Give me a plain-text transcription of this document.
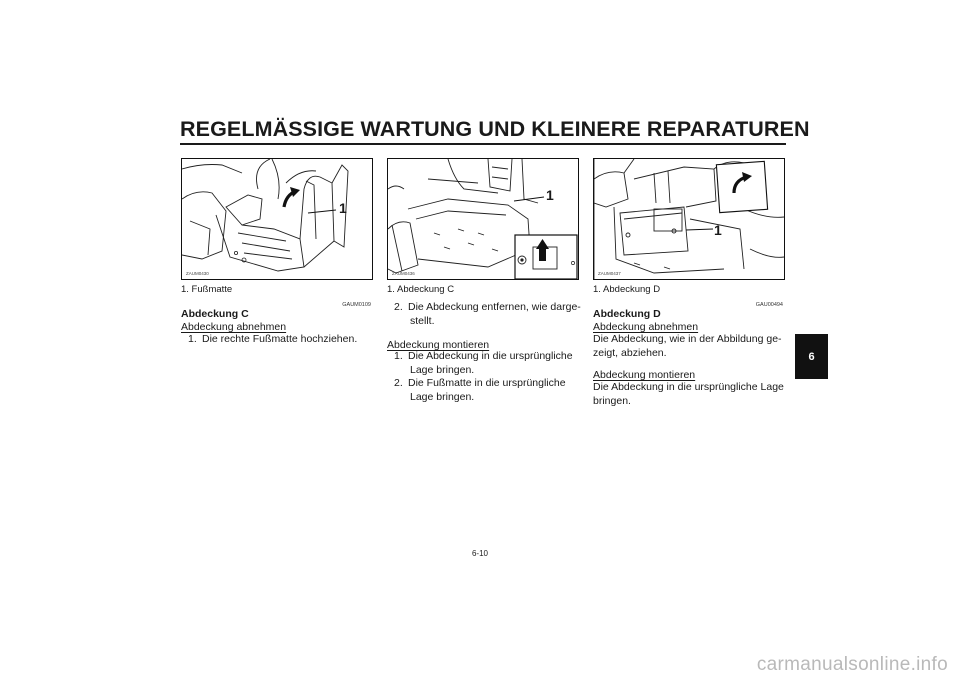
REGELMÄSSIGE WARTUNG UND KLEINERE REPARATUREN
ZAUM0430
1
1. Fußmatte
GAUM0109
Abdeckung C
Abdeckung abnehmen
1. Die rechte Fußmatte hochziehen.
ZAUM0436
1
1. Abdeckung C
2. Die Abdeckung entfernen, wie darge-
stellt.
Abdeckung montieren
1. Die Abdeckung in die ursprüngliche
Lage bringen.
2. Die Fußmatte in die ursprüngliche
Lage bringen.
ZAUM0437
1
1. Abdeckung D
GAU00494
Abdeckung D
Abdeckung abnehmen
Die Abdeckung, wie in der Abbildung ge-
zeigt, abziehen.
Abdeckung montieren
Die Abdeckung in die ursprüngliche Lage
bringen.
6
6-10
carmanualsonline.info
